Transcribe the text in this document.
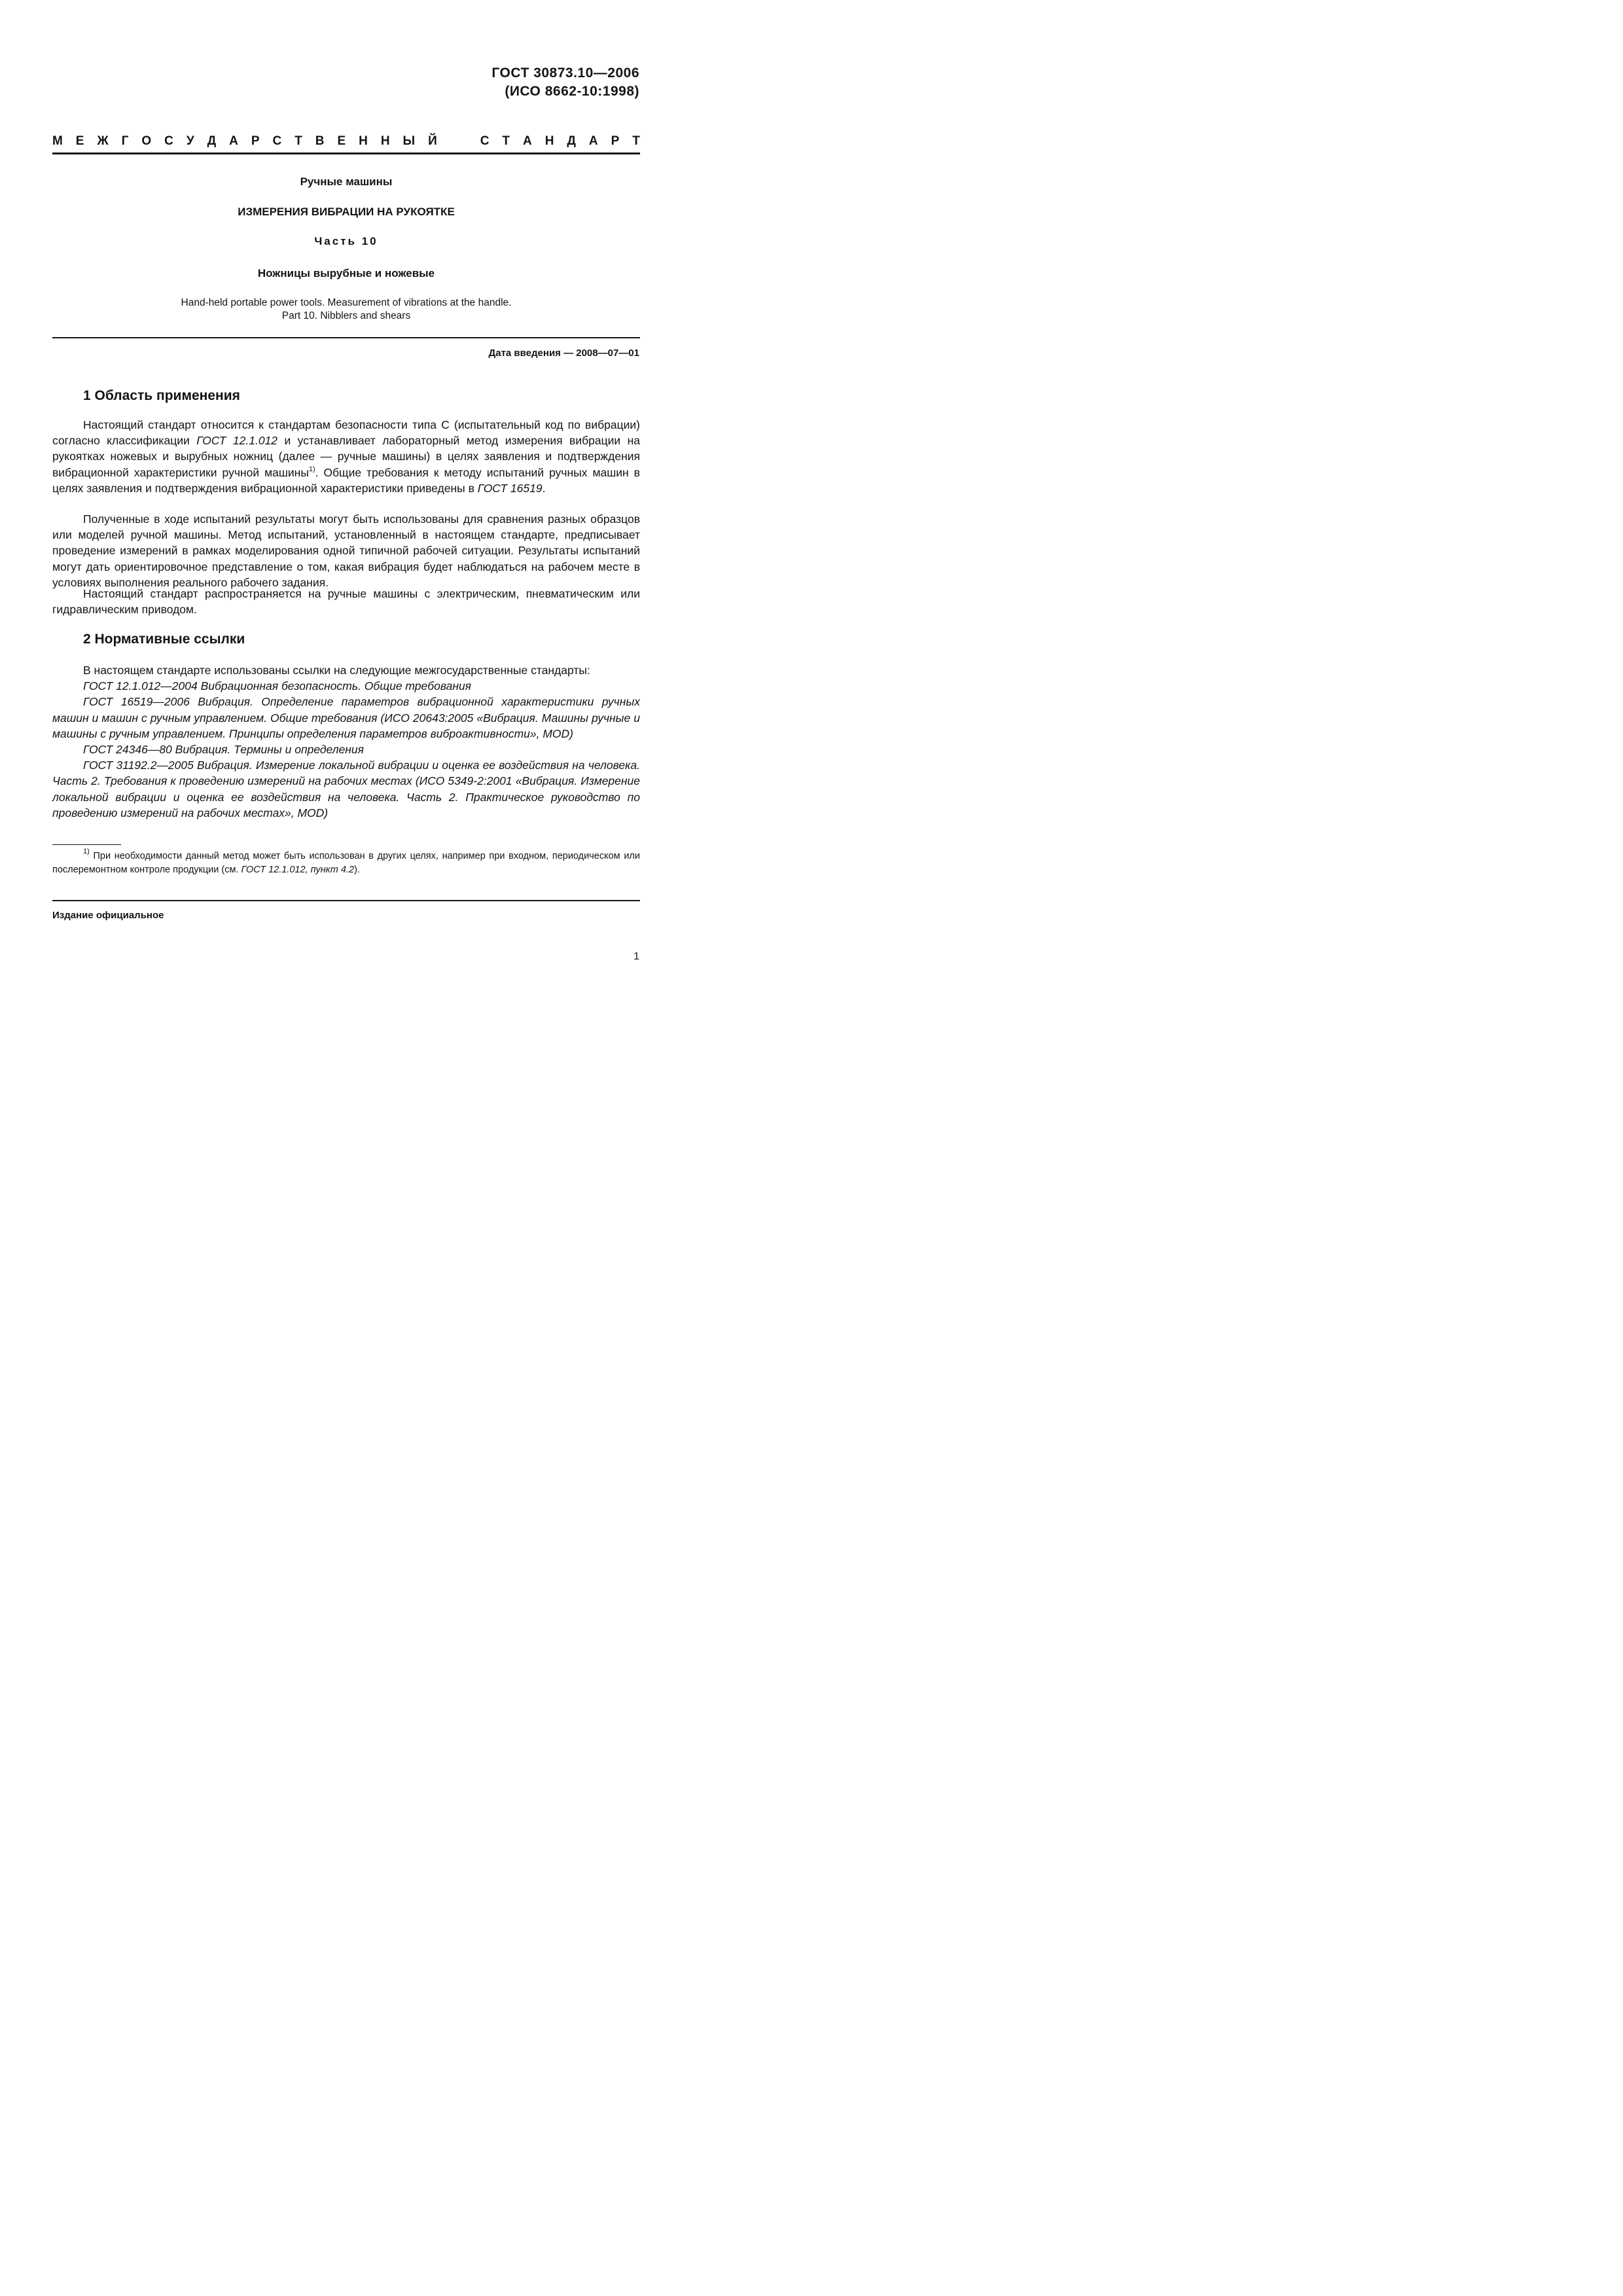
ГОСТ 30873.10—2006
(ИСО 8662-10:1998)
М Е Ж Г О С У Д А Р С Т В Е Н Н Ы Й	С Т А Н Д А Р Т
Ручные машины
ИЗМЕРЕНИЯ ВИБРАЦИИ НА РУКОЯТКЕ
Часть 10
Ножницы вырубные и ножевые
Hand-held portable power tools. Measurement of vibrations at the handle.
Part 10. Nibblers and shears
Дата введения — 2008—07—01
1 Область применения

Настоящий стандарт относится к стандартам безопасности типа С (испытательный код по вибрации) согласно классификации ГОСТ 12.1.012 и устанавливает лабораторный метод измерения вибрации на рукоятках ножевых и вырубных ножниц (далее — ручные машины) в целях заявления и подтверждения вибрационной характеристики ручной машины$^{1)}$. Общие требования к методу испытаний ручных машин в целях заявления и подтверждения вибрационной характеристики приведены в ГОСТ 16519.

Полученные в ходе испытаний результаты могут быть использованы для сравнения разных образцов или моделей ручной машины. Метод испытаний, установленный в настоящем стандарте, предписывает проведение измерений в рамках моделирования одной типичной рабочей ситуации. Результаты испытаний могут дать ориентировочное представление о том, какая вибрация будет наблюдаться на рабочем месте в условиях выполнения реального рабочего задания.

Настоящий стандарт распространяется на ручные машины с электрическим, пневматическим или гидравлическим приводом.

2 Нормативные ссылки

В настоящем стандарте использованы ссылки на следующие межгосударственные стандарты:

ГОСТ 12.1.012—2004 Вибрационная безопасность. Общие требования

ГОСТ 16519—2006 Вибрация. Определение параметров вибрационной характеристики ручных машин и машин с ручным управлением. Общие требования (ИСО 20643:2005 «Вибрация. Машины ручные и машины с ручным управлением. Принципы определения параметров виброактивности», MOD)

ГОСТ 24346—80 Вибрация. Термины и определения

ГОСТ 31192.2—2005 Вибрация. Измерение локальной вибрации и оценка ее воздействия на человека. Часть 2. Требования к проведению измерений на рабочих местах (ИСО 5349-2:2001 «Вибрация. Измерение локальной вибрации и оценка ее воздействия на человека. Часть 2. Практическое руководство по проведению измерений на рабочих местах», MOD)

$^{1)}$ При необходимости данный метод может быть использован в других целях, например при входном, периодическом или послеремонтном контроле продукции (см. ГОСТ 12.1.012, пункт 4.2).

Издание официальное
1
